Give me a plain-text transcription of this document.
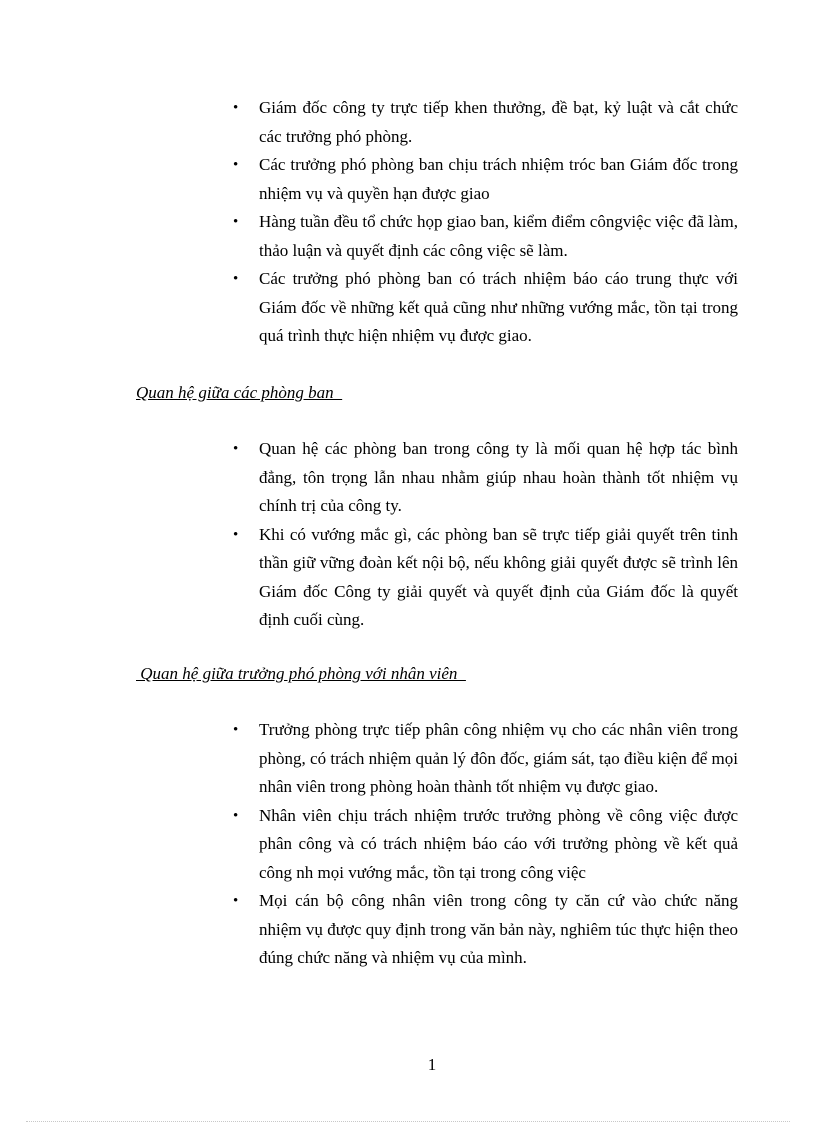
• Giám đốc công ty trực tiếp khen thưởng, đề bạt, kỷ luật và cắt chức các trưởng phó phòng.
• Các trưởng phó phòng ban chịu trách nhiệm tróc ban Giám đốc trong nhiệm vụ và quyền hạn được giao
• Hàng tuần đều tổ chức họp giao ban, kiểm điểm côngviệc việc đã làm, thảo luận và quyết định các công việc sẽ làm.
• Các trưởng phó phòng ban có trách nhiệm báo cáo trung thực với Giám đốc về những kết quả cũng như những vướng mắc, tồn tại trong quá trình thực hiện nhiệm vụ được giao.
Quan hệ giữa các phòng ban
• Quan hệ các phòng ban trong công ty là mối quan hệ hợp tác bình đẳng, tôn trọng lẫn nhau nhằm giúp nhau hoàn thành tốt nhiệm vụ chính trị của công ty.
• Khi có vướng mắc gì, các phòng ban sẽ trực tiếp giải quyết trên tinh thần giữ vững đoàn kết nội bộ, nếu không giải quyết được sẽ trình lên Giám đốc Công ty giải quyết và quyết định của Giám đốc là quyết định cuối cùng.
Quan hệ giữa trưởng phó phòng với nhân viên
• Trưởng phòng trực tiếp phân công nhiệm vụ cho các nhân viên trong phòng, có trách nhiệm quản lý đôn đốc, giám sát, tạo điều kiện để mọi nhân viên trong phòng hoàn thành tốt nhiệm vụ được giao.
• Nhân viên chịu trách nhiệm trước trưởng phòng về công việc được phân công và có trách nhiệm báo cáo với trưởng phòng về kết quả công nh mọi vướng mắc, tồn tại trong công việc
• Mọi cán bộ công nhân viên trong công ty căn cứ vào chức năng nhiệm vụ được quy định trong văn bản này, nghiêm túc thực hiện theo đúng chức năng và nhiệm vụ của mình.
1
